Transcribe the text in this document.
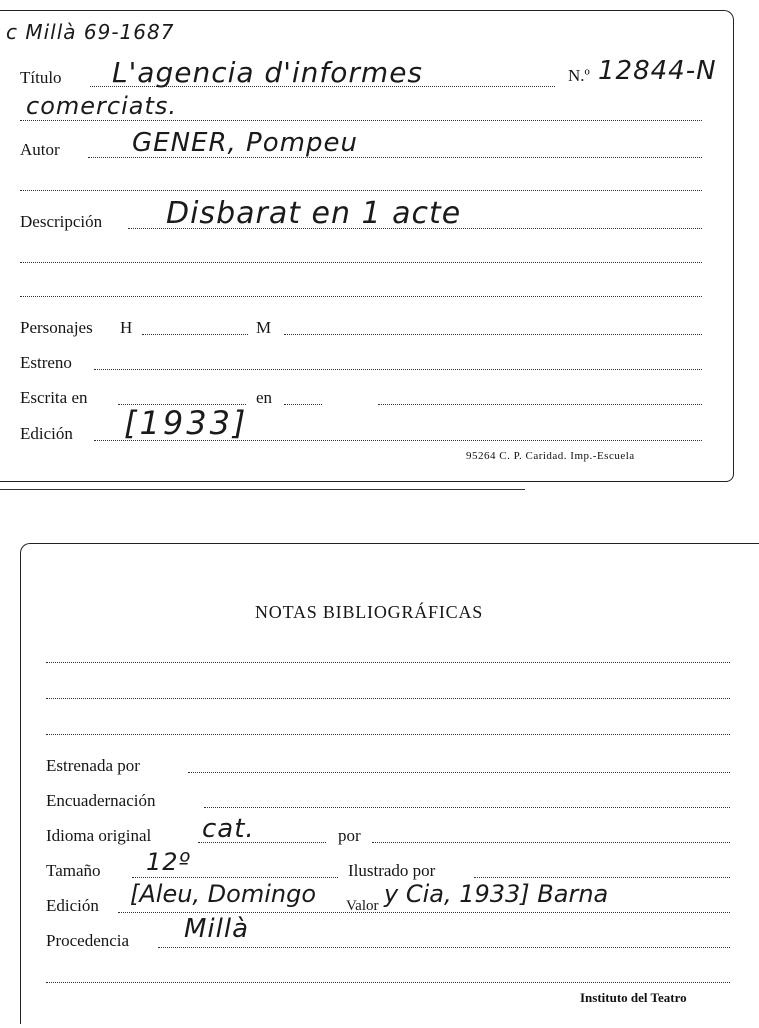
c Millà 69-1687
Título L'agencia d'informes	N.º 12844-N
comerciats.
Autor	GENER, Pompeu
Descripción Disbarat en 1 acte
Personajes H	M
Estreno
Escrita en	en
Edición [1933]
95264 C. P. Caridad. Imp.-Escuela
NOTAS BIBLIOGRÁFICAS
Estrenada por
Encuadernación
Idioma original cat.	por
Tamaño 12º	Ilustrado por
Edición [Aleu, Domingo Valor y Cia, 1933] Barna
Procedencia Millà
Instituto del Teatro
